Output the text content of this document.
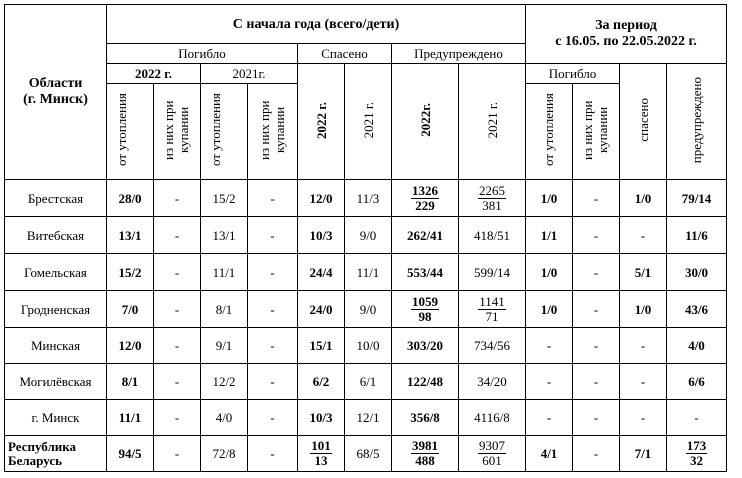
Области
(г. Минск)	С начала года (всего/дети)								За период
с 16.05. по 22.05.2022 г.			
	Погибло				Спасено		Предупреждено					
	2022 г.		2021г.		2022 г.	2021 г.	2022г.	2021 г.	Погибло		спасено	предупреждено
	от утопления	из них при купании	от утопления	из них при купании					от утопления	из них при купании		
Брестская	28/0	-	15/2	-	12/0	11/3	$\frac{1326}{229}$	$\frac{2265}{381}$	1/0	-	1/0	79/14
Витебская	13/1	-	13/1	-	10/3	9/0	262/41	418/51	1/1	-	-	11/6
Гомельская	15/2	-	11/1	-	24/4	11/1	553/44	599/14	1/0	-	5/1	30/0
Гродненская	7/0	-	8/1	-	24/0	9/0	$\frac{1059}{98}$	$\frac{1141}{71}$	1/0	-	1/0	43/6
Минская	12/0	-	9/1	-	15/1	10/0	303/20	734/56	-	-	-	4/0
Могилёвская	8/1	-	12/2	-	6/2	6/1	122/48	34/20	-	-	-	6/6
г. Минск	11/1	-	4/0	-	10/3	12/1	356/8	4116/8	-	-	-	-
Республика
Беларусь	94/5	-	72/8	-	$\frac{101}{13}$	68/5	$\frac{3981}{488}$	$\frac{9307}{601}$	4/1	-	7/1	$\frac{173}{32}$
